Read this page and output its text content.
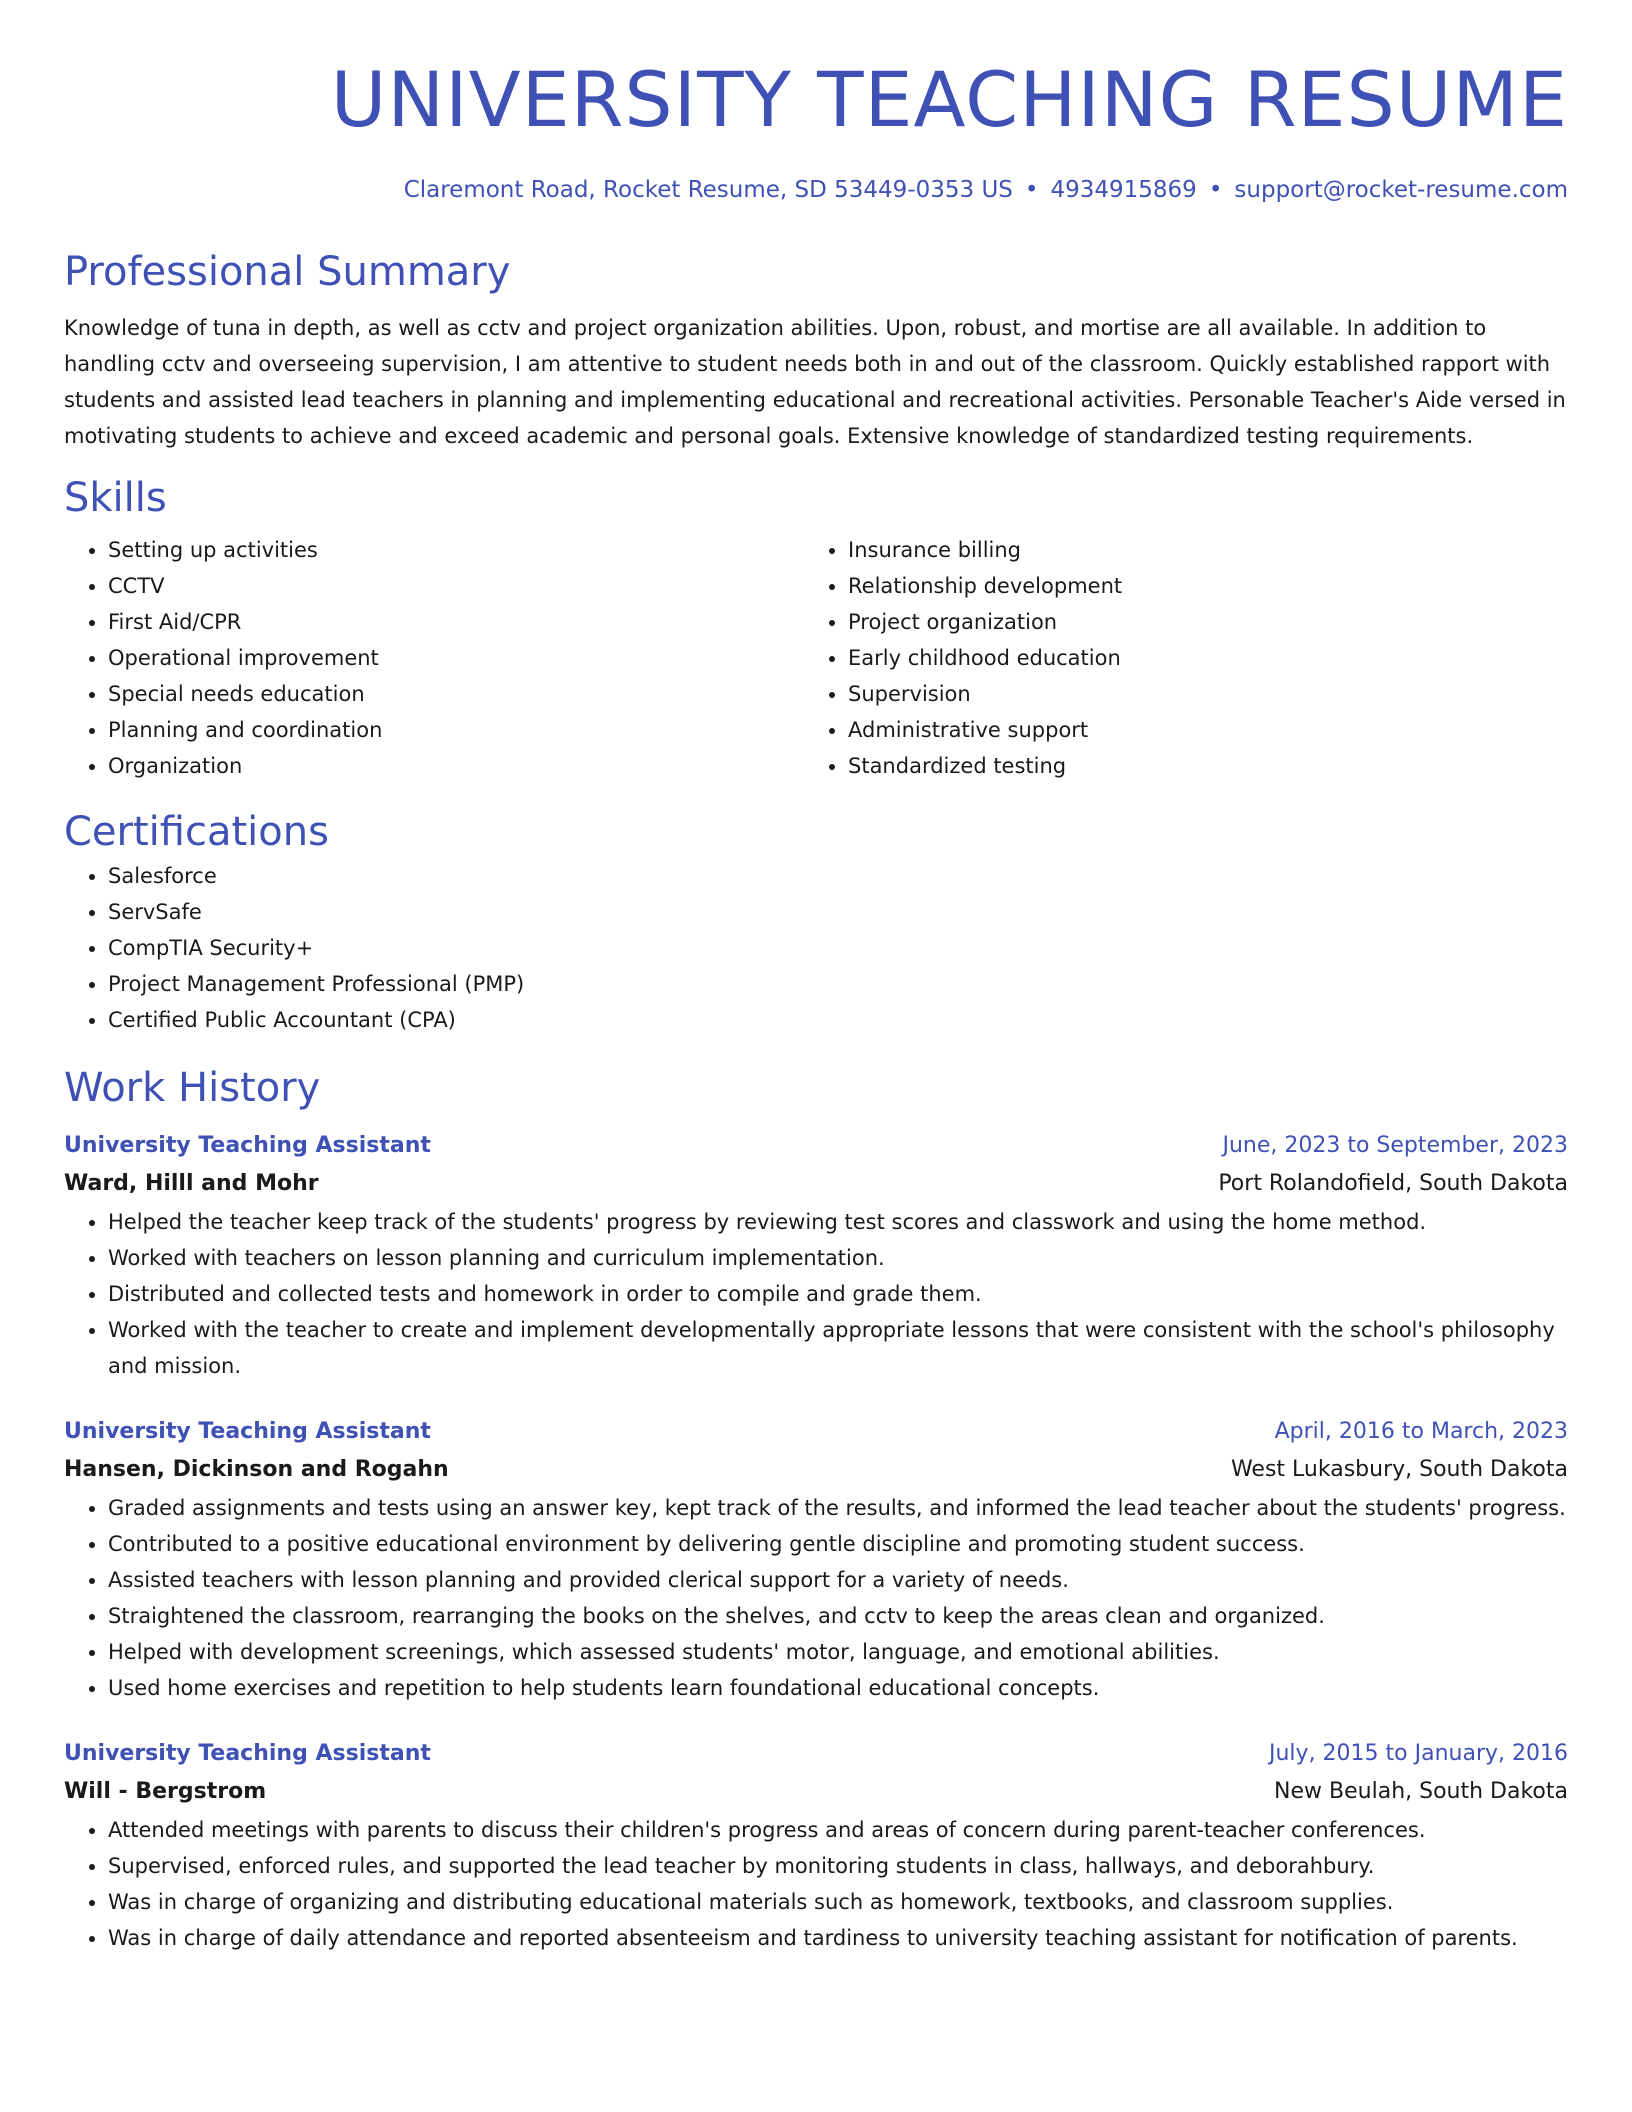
UNIVERSITY TEACHING RESUME
Claremont Road, Rocket Resume, SD 53449-0353 US • 4934915869 • support@rocket-resume.com
Professional Summary
Knowledge of tuna in depth, as well as cctv and project organization abilities. Upon, robust, and mortise are all available. In addition to handling cctv and overseeing supervision, I am attentive to student needs both in and out of the classroom. Quickly established rapport with students and assisted lead teachers in planning and implementing educational and recreational activities. Personable Teacher's Aide versed in motivating students to achieve and exceed academic and personal goals. Extensive knowledge of standardized testing requirements.
Skills
• Setting up activities
• CCTV
• First Aid/CPR
• Operational improvement
• Special needs education
• Planning and coordination
• Organization
• Insurance billing
• Relationship development
• Project organization
• Early childhood education
• Supervision
• Administrative support
• Standardized testing
Certifications
• Salesforce
• ServSafe
• CompTIA Security+
• Project Management Professional (PMP)
• Certified Public Accountant (CPA)
Work History
University Teaching Assistant	June, 2023 to September, 2023
Ward, Hilll and Mohr	Port Rolandofield, South Dakota
• Helped the teacher keep track of the students' progress by reviewing test scores and classwork and using the home method.
• Worked with teachers on lesson planning and curriculum implementation.
• Distributed and collected tests and homework in order to compile and grade them.
• Worked with the teacher to create and implement developmentally appropriate lessons that were consistent with the school's philosophy and mission.
University Teaching Assistant	April, 2016 to March, 2023
Hansen, Dickinson and Rogahn	West Lukasbury, South Dakota
• Graded assignments and tests using an answer key, kept track of the results, and informed the lead teacher about the students' progress.
• Contributed to a positive educational environment by delivering gentle discipline and promoting student success.
• Assisted teachers with lesson planning and provided clerical support for a variety of needs.
• Straightened the classroom, rearranging the books on the shelves, and cctv to keep the areas clean and organized.
• Helped with development screenings, which assessed students' motor, language, and emotional abilities.
• Used home exercises and repetition to help students learn foundational educational concepts.
University Teaching Assistant	July, 2015 to January, 2016
Will - Bergstrom	New Beulah, South Dakota
• Attended meetings with parents to discuss their children's progress and areas of concern during parent-teacher conferences.
• Supervised, enforced rules, and supported the lead teacher by monitoring students in class, hallways, and deborahbury.
• Was in charge of organizing and distributing educational materials such as homework, textbooks, and classroom supplies.
• Was in charge of daily attendance and reported absenteeism and tardiness to university teaching assistant for notification of parents.
